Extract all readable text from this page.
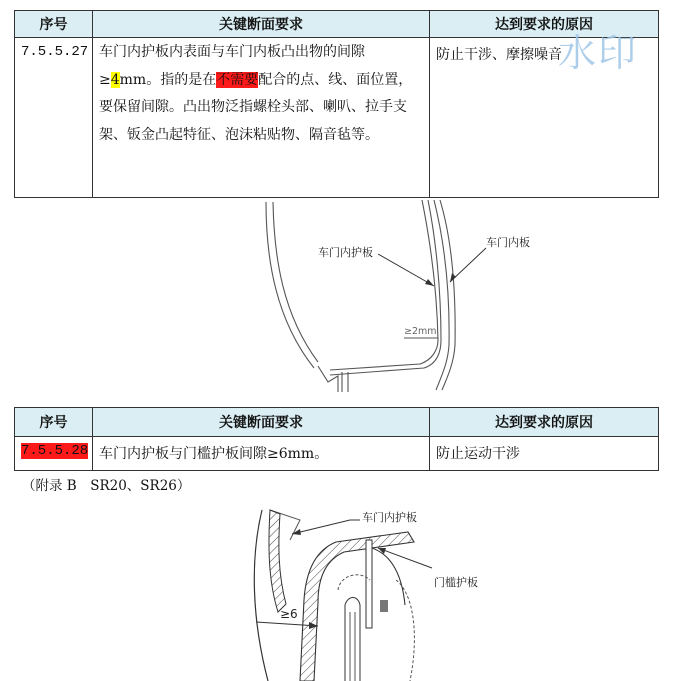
序号	关键断面要求	达到要求的原因
7.5.5.27	车门内护板内表面与车门内板凸出物的间隙≥4mm。指的是在不需要配合的点、线、面位置，要保留间隙。凸出物泛指螺栓头部、喇叭、拉手支架、钣金凸起特征、泡沫粘贴物、隔音毡等。	防止干涉、摩擦噪音
水印
车门内护板
车门内板
≥2mm
序号	关键断面要求	达到要求的原因
7.5.5.28	车门内护板与门槛护板间隙≥6mm。	防止运动干涉
（附录 B　SR20、SR26）
≥6
车门内护板
门槛护板
